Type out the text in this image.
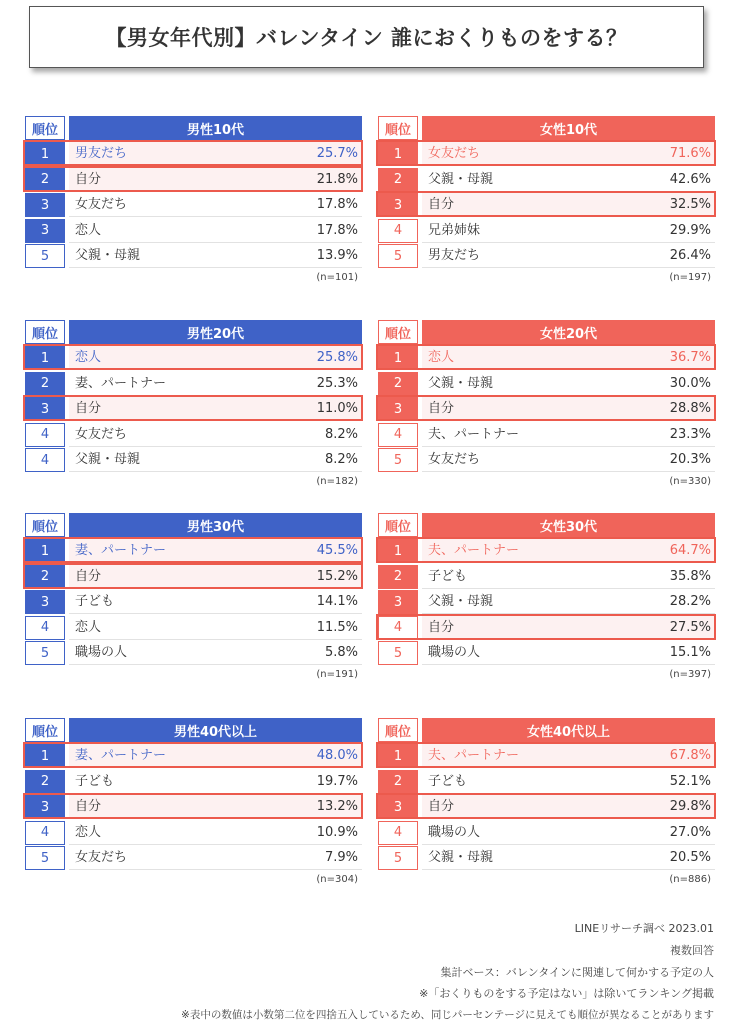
【男女年代別】バレンタイン 誰におくりものをする？
順位	男性10代
1	男友だち	25.7%
2	自分	21.8%
3	女友だち	17.8%
3	恋人	17.8%
5	父親・母親	13.9%
(n=101)
順位	女性10代
1	女友だち	71.6%
2	父親・母親	42.6%
3	自分	32.5%
4	兄弟姉妹	29.9%
5	男友だち	26.4%
(n=197)
順位	男性20代
1	恋人	25.8%
2	妻、パートナー	25.3%
3	自分	11.0%
4	女友だち	8.2%
4	父親・母親	8.2%
(n=182)
順位	女性20代
1	恋人	36.7%
2	父親・母親	30.0%
3	自分	28.8%
4	夫、パートナー	23.3%
5	女友だち	20.3%
(n=330)
順位	男性30代
1	妻、パートナー	45.5%
2	自分	15.2%
3	子ども	14.1%
4	恋人	11.5%
5	職場の人	5.8%
(n=191)
順位	女性30代
1	夫、パートナー	64.7%
2	子ども	35.8%
3	父親・母親	28.2%
4	自分	27.5%
5	職場の人	15.1%
(n=397)
順位	男性40代以上
1	妻、パートナー	48.0%
2	子ども	19.7%
3	自分	13.2%
4	恋人	10.9%
5	女友だち	7.9%
(n=304)
順位	女性40代以上
1	夫、パートナー	67.8%
2	子ども	52.1%
3	自分	29.8%
4	職場の人	27.0%
5	父親・母親	20.5%
(n=886)
LINEリサーチ調べ 2023.01
複数回答
集計ベース：バレンタインに関連して何かする予定の人
※「おくりものをする予定はない」は除いてランキング掲載
※表中の数値は小数第二位を四捨五入しているため、同じパーセンテージに見えても順位が異なることがあります
